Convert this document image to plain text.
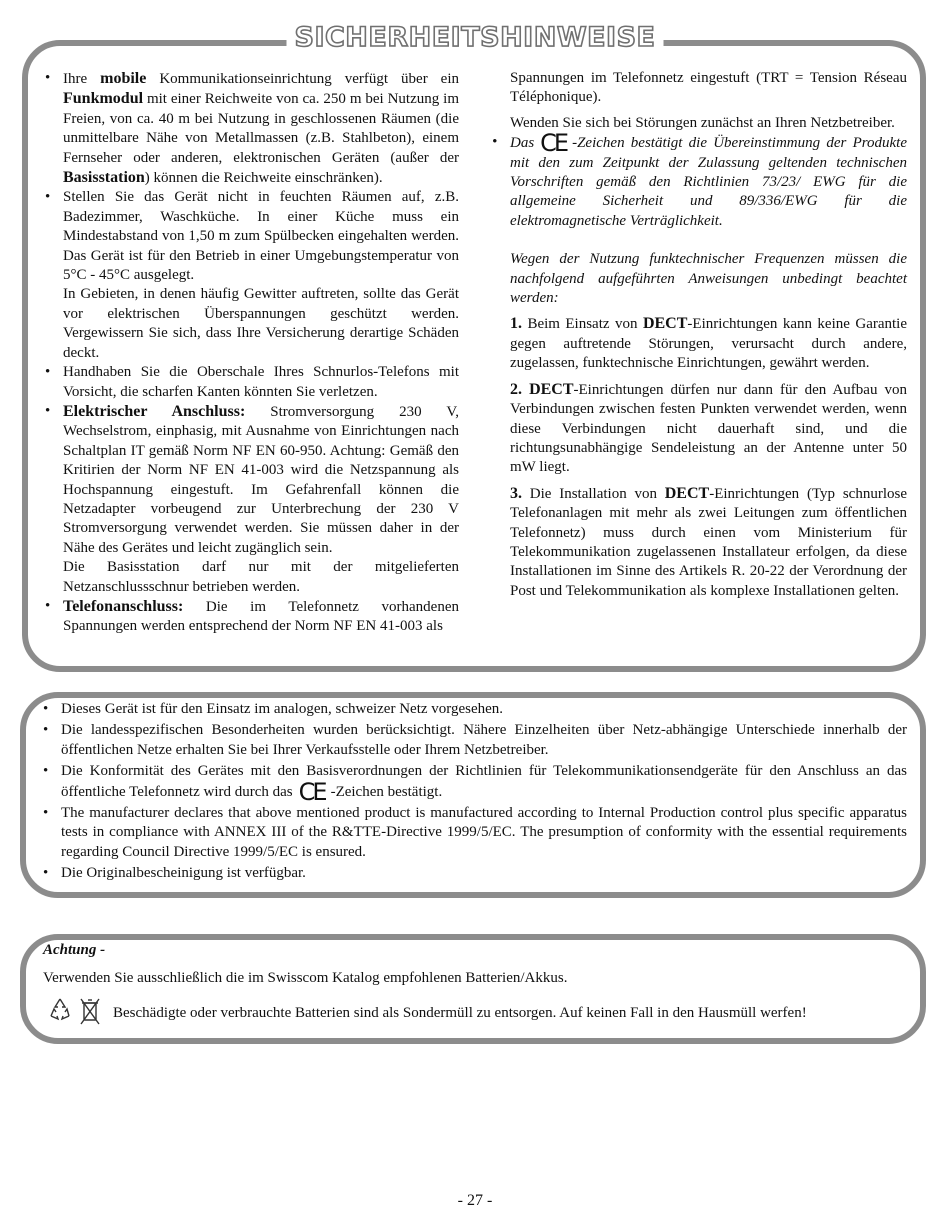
SICHERHEITSHINWEISE
• Ihre mobile Kommunikationseinrichtung verfügt über ein Funkmodul mit einer Reichweite von ca. 250 m bei Nutzung im Freien, von ca. 40 m bei Nutzung in geschlossenen Räumen (die unmittelbare Nähe von Metallmassen (z.B. Stahlbeton), einem Fernseher oder anderen, elektronischen Geräten (außer der Basisstation) können die Reichweite einschränken).
• Stellen Sie das Gerät nicht in feuchten Räumen auf, z.B. Badezimmer, Waschküche. In einer Küche muss ein Mindestabstand von 1,50 m zum Spülbecken eingehalten werden. Das Gerät ist für den Betrieb in einer Umgebungstemperatur von 5°C - 45°C ausgelegt.
In Gebieten, in denen häufig Gewitter auftreten, sollte das Gerät vor elektrischen Überspannungen geschützt werden. Vergewissern Sie sich, dass Ihre Versicherung derartige Schäden deckt.
• Handhaben Sie die Oberschale Ihres Schnurlos-Telefons mit Vorsicht, die scharfen Kanten könnten Sie verletzen.
• Elektrischer Anschluss: Stromversorgung 230 V, Wechselstrom, einphasig, mit Ausnahme von Einrichtungen nach Schaltplan IT gemäß Norm NF EN 60-950. Achtung: Gemäß den Kritirien der Norm NF EN 41-003 wird die Netzspannung als Hochspannung eingestuft. Im Gefahrenfall können die Netzadapter vorbeugend zur Unterbrechung der 230 V Stromversorgung verwendet werden. Sie müssen daher in der Nähe des Gerätes und leicht zugänglich sein.
Die Basisstation darf nur mit der mitgelieferten Netzanschlussschnur betrieben werden.
• Telefonanschluss: Die im Telefonnetz vorhandenen Spannungen werden entsprechend der Norm NF EN 41-003 als

Spannungen im Telefonnetz eingestuft (TRT = Tension Réseau Téléphonique).

Wenden Sie sich bei Störungen zunächst an Ihren Netzbetreiber.

• Das CE -Zeichen bestätigt die Übereinstimmung der Produkte mit den zum Zeitpunkt der Zulassung geltenden technischen Vorschriften gemäß den Richtlinien 73/23/ EWG für die allgemeine Sicherheit und 89/336/EWG für die elektromagnetische Verträglichkeit.

Wegen der Nutzung funktechnischer Frequenzen müssen die nachfolgend aufgeführten Anweisungen unbedingt beachtet werden:

1. Beim Einsatz von DECT-Einrichtungen kann keine Garantie gegen auftretende Störungen, verursacht durch andere, zugelassen, funktechnische Einrichtungen, gewährt werden.

2. DECT-Einrichtungen dürfen nur dann für den Aufbau von Verbindungen zwischen festen Punkten verwendet werden, wenn diese Verbindungen nicht dauerhaft sind, und die richtungsunabhängige Sendeleistung an der Antenne unter 50 mW liegt.

3. Die Installation von DECT-Einrichtungen (Typ schnurlose Telefonanlagen mit mehr als zwei Leitungen zum öffentlichen Telefonnetz) muss durch einen vom Ministerium für Telekommunikation zugelassenen Installateur erfolgen, da diese Installationen im Sinne des Artikels R. 20-22 der Verordnung der Post und Telekommunikation als komplexe Installationen gelten.

• Dieses Gerät ist für den Einsatz im analogen, schweizer Netz vorgesehen.
• Die landesspezifischen Besonderheiten wurden berücksichtigt. Nähere Einzelheiten über Netz-abhängige Unterschiede innerhalb der öffentlichen Netze erhalten Sie bei Ihrer Verkaufsstelle oder Ihrem Netzbetreiber.
• Die Konformität des Gerätes mit den Basisverordnungen der Richtlinien für Telekommunikationsendgeräte für den Anschluss an das öffentliche Telefonnetz wird durch das CE -Zeichen bestätigt.
• The manufacturer declares that above mentioned product is manufactured according to Internal Production control plus specific apparatus tests in compliance with ANNEX III of the R&TTE-Directive 1999/5/EC. The presumption of conformity with the essential requirements regarding Council Directive 1999/5/EC is ensured.
• Die Originalbescheinigung ist verfügbar.

Achtung -

Verwenden Sie ausschließlich die im Swisscom Katalog empfohlenen Batterien/Akkus.

Beschädigte oder verbrauchte Batterien sind als Sondermüll zu entsorgen. Auf keinen Fall in den Hausmüll werfen!
- 27 -
